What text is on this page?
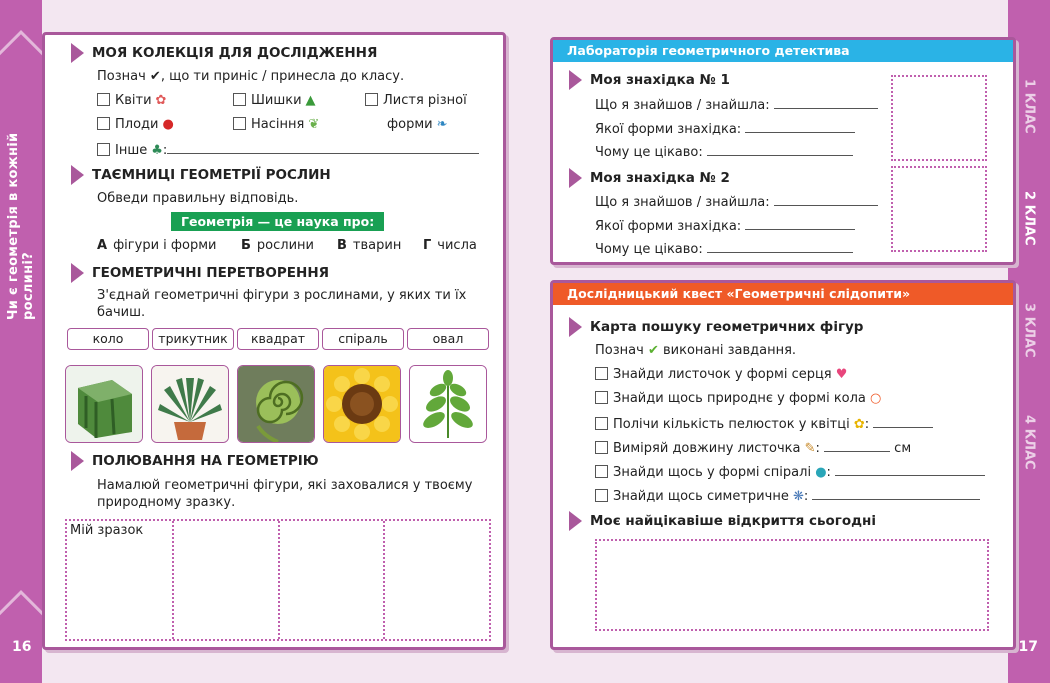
Чи є геометрія в кожній рослині?
16
1 КЛАС
2 КЛАС
3 КЛАС
4 КЛАС
17
МОЯ КОЛЕКЦІЯ ДЛЯ ДОСЛІДЖЕННЯ
Познач ✔, що ти приніс / принесла до класу.
Квіти ✿	Шишки ▲	Листя різної
Плоди ●	Насіння ❦	форми ❧
Інше ♣:
ТАЄМНИЦІ ГЕОМЕТРІЇ РОСЛИН
Обведи правильну відповідь.
Геометрія — це наука про:
А фігури і форми Б рослини В тварин Г числа
ГЕОМЕТРИЧНІ ПЕРЕТВОРЕННЯ
З'єднай геометричні фігури з рослинами, у яких ти їх бачиш.
коло	трикутник	квадрат	спіраль	овал
ПОЛЮВАННЯ НА ГЕОМЕТРІЮ
Намалюй геометричні фігури, які заховалися у твоєму природному зразку.
Мій зразок
Лабораторія геометричного детектива
Моя знахідка № 1
Що я знайшов / знайшла:
Якої форми знахідка:
Чому це цікаво:
Моя знахідка № 2
Що я знайшов / знайшла:
Якої форми знахідка:
Чому це цікаво:
Дослідницький квест «Геометричні слідопити»
Карта пошуку геометричних фігур
Познач ✔ виконані завдання.
Знайди листочок у формі серця ♥
Знайди щось природнє у формі кола ○
Полічи кількість пелюсток у квітці ✿:
Виміряй довжину листочка ✎:	см
Знайди щось у формі спіралі ●:
Знайди щось симетричне ❋:
Моє найцікавіше відкриття сьогодні
